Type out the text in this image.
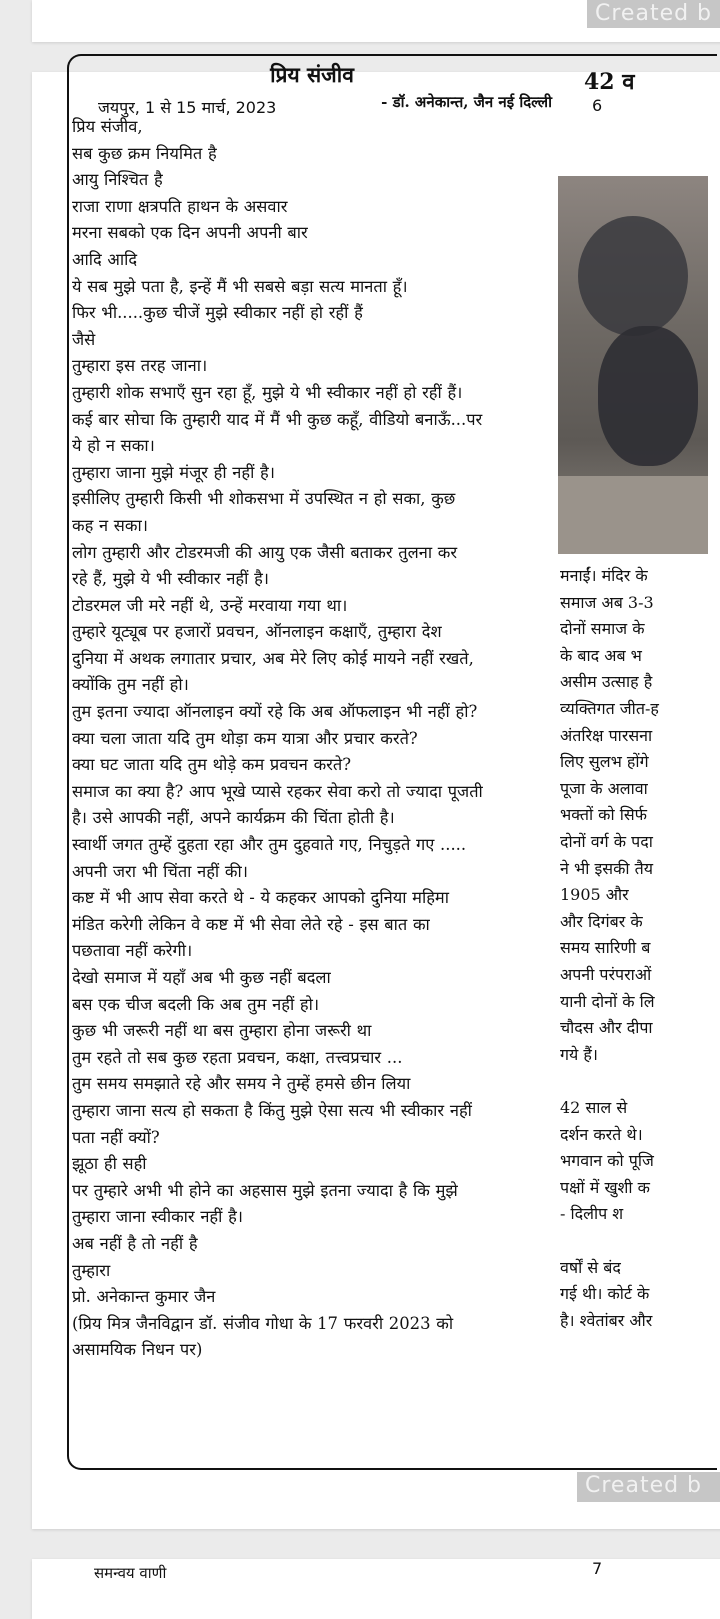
Created b
जयपुर, 1 से 15 मार्च, 2023	6
प्रिय संजीव
- डॉ. अनेकान्त, जैन नई दिल्ली
प्रिय संजीव,
सब कुछ क्रम नियमित है
आयु निश्चित है
राजा राणा क्षत्रपति हाथन के असवार
मरना सबको एक दिन अपनी अपनी बार
आदि आदि
ये सब मुझे पता है, इन्हें मैं भी सबसे बड़ा सत्य मानता हूँ।
फिर भी.....कुछ चीजें मुझे स्वीकार नहीं हो रहीं हैं
जैसे
तुम्हारा इस तरह जाना।
तुम्हारी शोक सभाएँ सुन रहा हूँ, मुझे ये भी स्वीकार नहीं हो रहीं हैं।
कई बार सोचा कि तुम्हारी याद में मैं भी कुछ कहूँ, वीडियो बनाऊँ...पर
ये हो न सका।
तुम्हारा जाना मुझे मंजूर ही नहीं है।
इसीलिए तुम्हारी किसी भी शोकसभा में उपस्थित न हो सका, कुछ
कह न सका।
लोग तुम्हारी और टोडरमजी की आयु एक जैसी बताकर तुलना कर
रहे हैं, मुझे ये भी स्वीकार नहीं है।
टोडरमल जी मरे नहीं थे, उन्हें मरवाया गया था।
तुम्हारे यूट्यूब पर हजारों प्रवचन, ऑनलाइन कक्षाएँ, तुम्हारा देश
दुनिया में अथक लगातार प्रचार, अब मेरे लिए कोई मायने नहीं रखते,
क्योंकि तुम नहीं हो।
तुम इतना ज्यादा ऑनलाइन क्यों रहे कि अब ऑफलाइन भी नहीं हो?
क्या चला जाता यदि तुम थोड़ा कम यात्रा और प्रचार करते?
क्या घट जाता यदि तुम थोड़े कम प्रवचन करते?
समाज का क्या है? आप भूखे प्यासे रहकर सेवा करो तो ज्यादा पूजती
है। उसे आपकी नहीं, अपने कार्यक्रम की चिंता होती है।
स्वार्थी जगत तुम्हें दुहता रहा और तुम दुहवाते गए, निचुड़ते गए .....
अपनी जरा भी चिंता नहीं की।
कष्ट में भी आप सेवा करते थे - ये कहकर आपको दुनिया महिमा
मंडित करेगी लेकिन वे कष्ट में भी सेवा लेते रहे - इस बात का
पछतावा नहीं करेगी।
देखो समाज में यहाँ अब भी कुछ नहीं बदला
बस एक चीज बदली कि अब तुम नहीं हो।
कुछ भी जरूरी नहीं था बस तुम्हारा होना जरूरी था
तुम रहते तो सब कुछ रहता प्रवचन, कक्षा, तत्त्वप्रचार ...
तुम समय समझाते रहे और समय ने तुम्हें हमसे छीन लिया
तुम्हारा जाना सत्य हो सकता है किंतु मुझे ऐसा सत्य भी स्वीकार नहीं
पता नहीं क्यों?
झूठा ही सही
पर तुम्हारे अभी भी होने का अहसास मुझे इतना ज्यादा है कि मुझे
तुम्हारा जाना स्वीकार नहीं है।
अब नहीं है तो नहीं है
तुम्हारा
प्रो. अनेकान्त कुमार जैन
(प्रिय मित्र जैनविद्वान डॉ. संजीव गोधा के 17 फरवरी 2023 को
असामयिक निधन पर)
42 व
मनाईं। मंदिर के
समाज अब 3-3
दोनों समाज के
के बाद अब भ
असीम उत्साह है
व्यक्तिगत जीत-ह
अंतरिक्ष पारसना
लिए सुलभ होंगे
पूजा के अलावा
भक्तों को सिर्फ
दोनों वर्ग के पदा
ने भी इसकी तैय
1905 और
और दिगंबर के
समय सारिणी ब
अपनी परंपराओं
यानी दोनों के लि
चौदस और दीपा
गये हैं।
42 साल से
दर्शन करते थे।
भगवान को पूजि
पक्षों में खुशी क
- दिलीप श
वर्षों से बंद
गई थी। कोर्ट के
है। श्वेतांबर और
Created b
समन्वय वाणी	7
